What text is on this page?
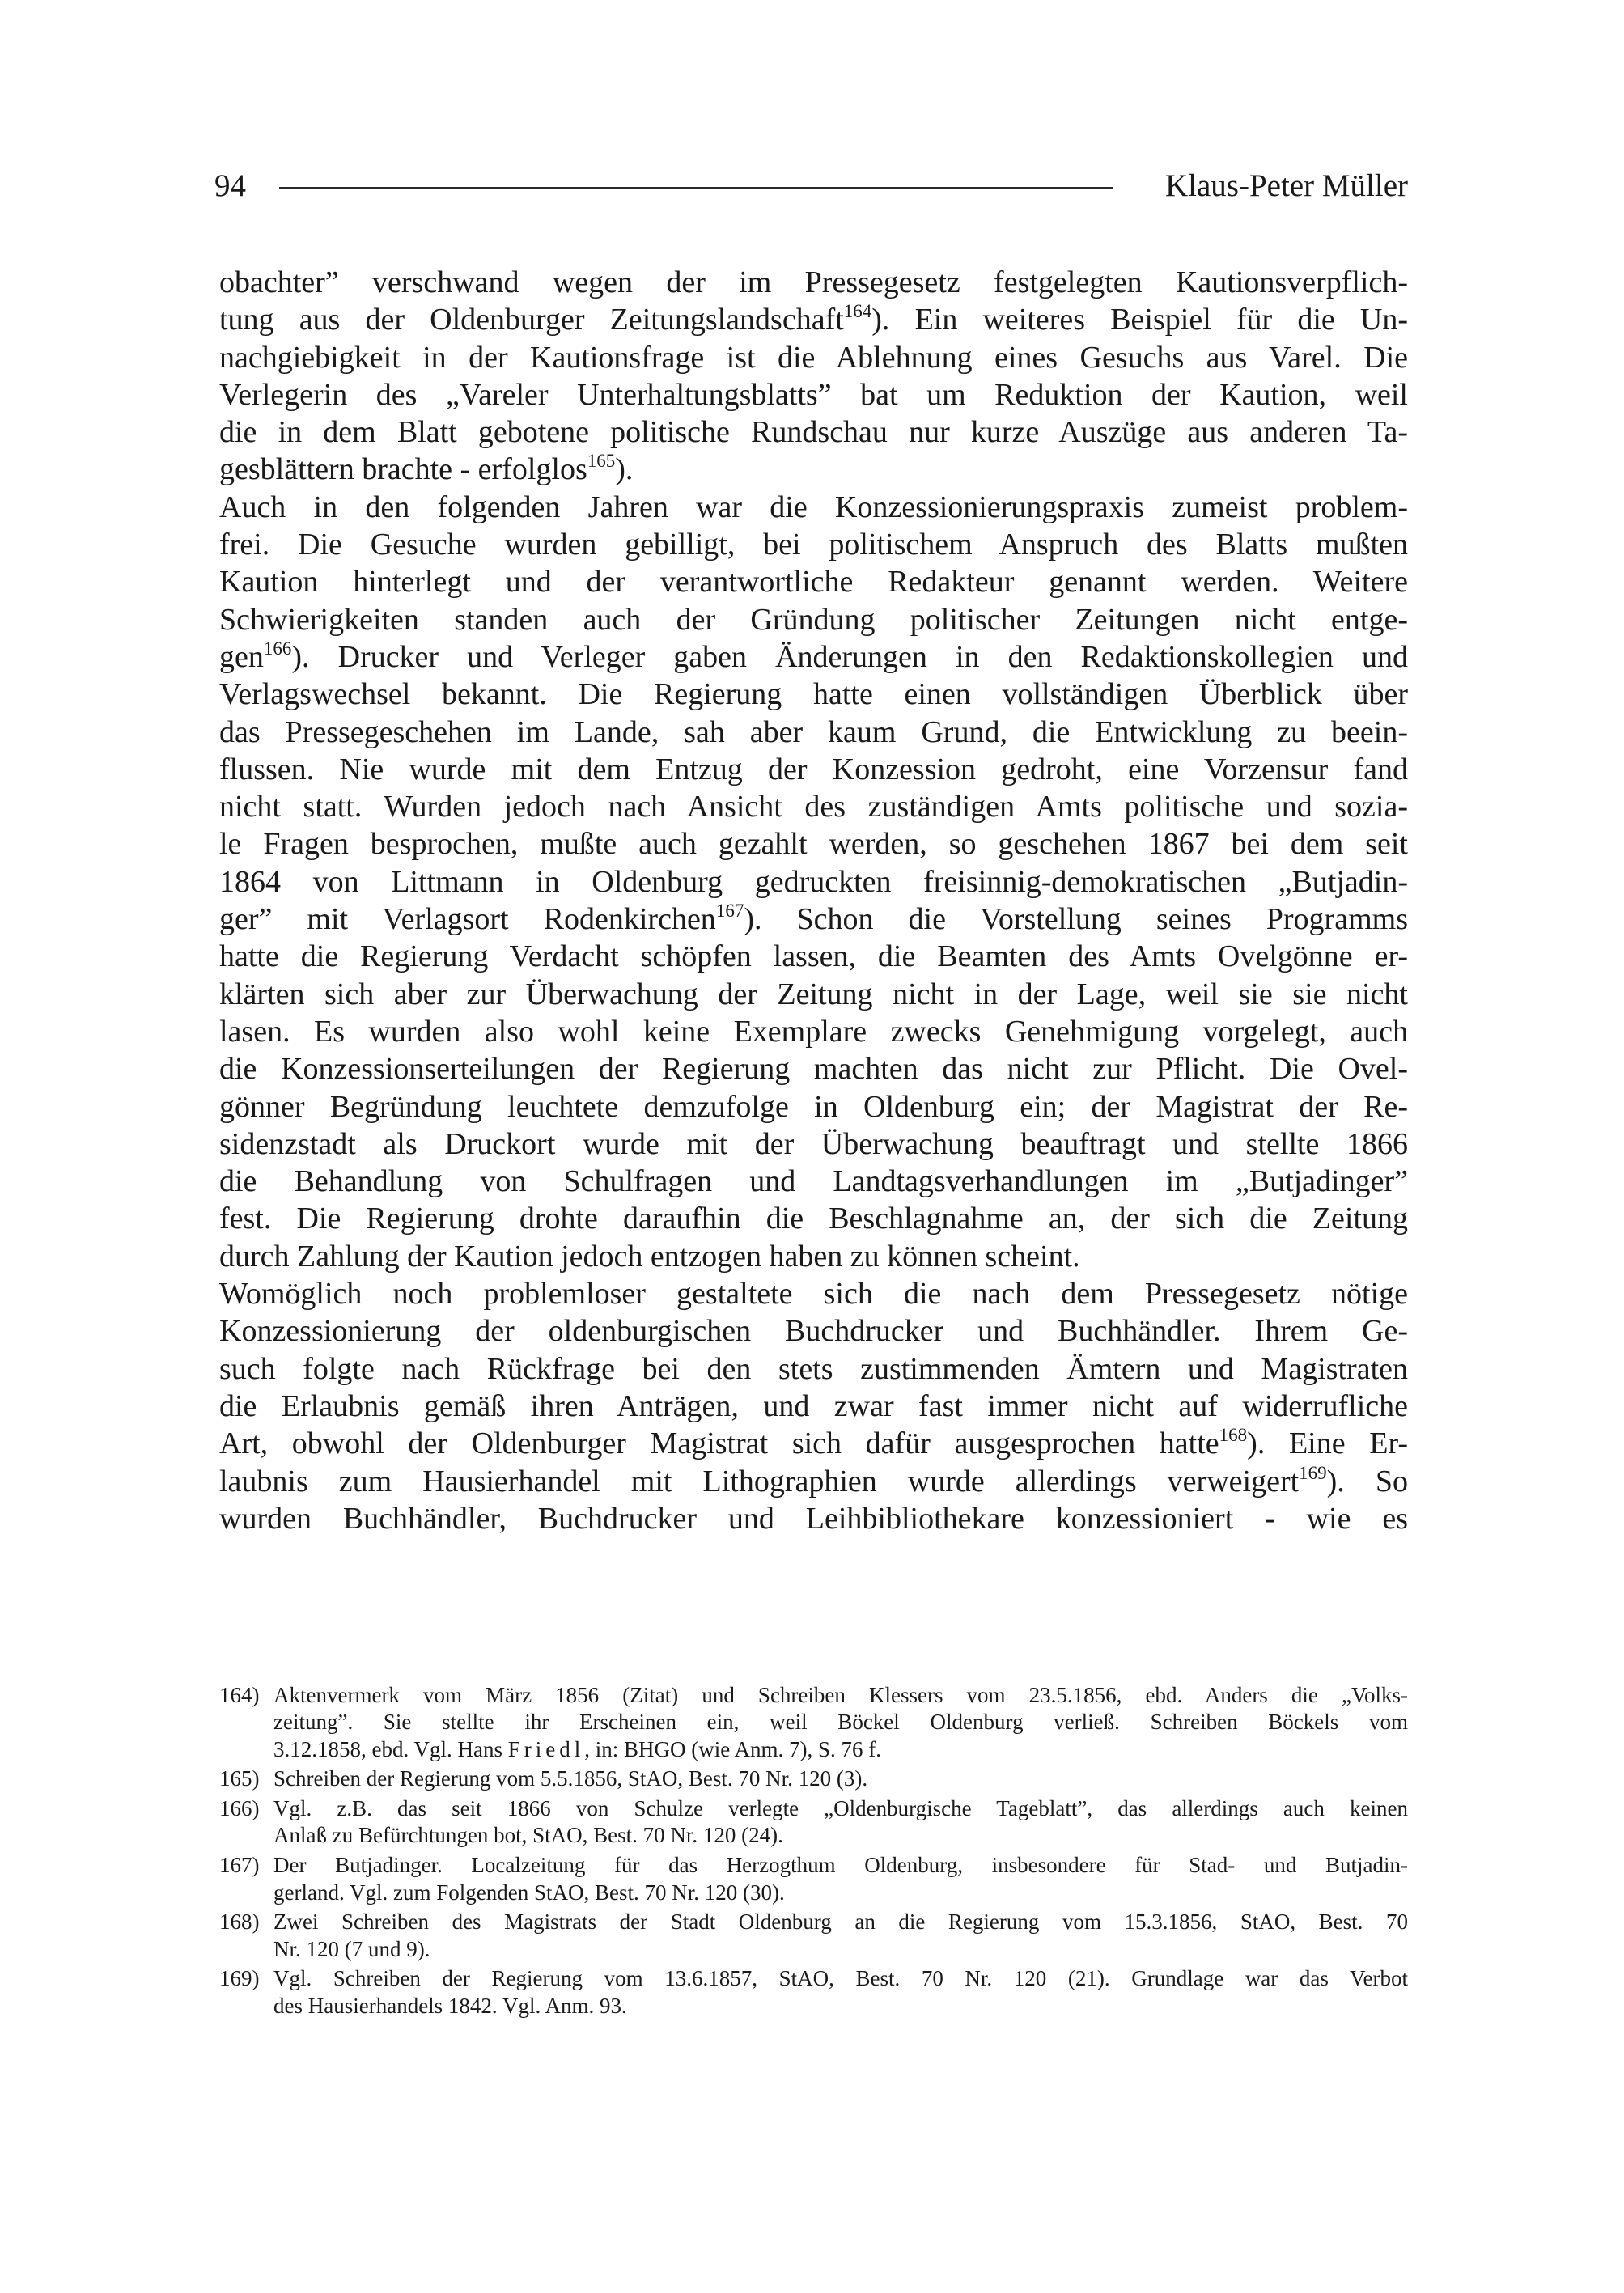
94	Klaus-Peter Müller
obachter” verschwand wegen der im Pressegesetz festgelegten Kautionsverpflich-
tung aus der Oldenburger Zeitungslandschaft$^{164}$). Ein weiteres Beispiel für die Un-
nachgiebigkeit in der Kautionsfrage ist die Ablehnung eines Gesuchs aus Varel. Die
Verlegerin des „Vareler Unterhaltungsblatts” bat um Reduktion der Kaution, weil
die in dem Blatt gebotene politische Rundschau nur kurze Auszüge aus anderen Ta-
gesblättern brachte - erfolglos$^{165}$).
Auch in den folgenden Jahren war die Konzessionierungspraxis zumeist problem-
frei. Die Gesuche wurden gebilligt, bei politischem Anspruch des Blatts mußten
Kaution hinterlegt und der verantwortliche Redakteur genannt werden. Weitere
Schwierigkeiten standen auch der Gründung politischer Zeitungen nicht entge-
gen$^{166}$). Drucker und Verleger gaben Änderungen in den Redaktionskollegien und
Verlagswechsel bekannt. Die Regierung hatte einen vollständigen Überblick über
das Pressegeschehen im Lande, sah aber kaum Grund, die Entwicklung zu beein-
flussen. Nie wurde mit dem Entzug der Konzession gedroht, eine Vorzensur fand
nicht statt. Wurden jedoch nach Ansicht des zuständigen Amts politische und sozia-
le Fragen besprochen, mußte auch gezahlt werden, so geschehen 1867 bei dem seit
1864 von Littmann in Oldenburg gedruckten freisinnig-demokratischen „Butjadin-
ger” mit Verlagsort Rodenkirchen$^{167}$). Schon die Vorstellung seines Programms
hatte die Regierung Verdacht schöpfen lassen, die Beamten des Amts Ovelgönne er-
klärten sich aber zur Überwachung der Zeitung nicht in der Lage, weil sie sie nicht
lasen. Es wurden also wohl keine Exemplare zwecks Genehmigung vorgelegt, auch
die Konzessionserteilungen der Regierung machten das nicht zur Pflicht. Die Ovel-
gönner Begründung leuchtete demzufolge in Oldenburg ein; der Magistrat der Re-
sidenzstadt als Druckort wurde mit der Überwachung beauftragt und stellte 1866
die Behandlung von Schulfragen und Landtagsverhandlungen im „Butjadinger”
fest. Die Regierung drohte daraufhin die Beschlagnahme an, der sich die Zeitung
durch Zahlung der Kaution jedoch entzogen haben zu können scheint.
Womöglich noch problemloser gestaltete sich die nach dem Pressegesetz nötige
Konzessionierung der oldenburgischen Buchdrucker und Buchhändler. Ihrem Ge-
such folgte nach Rückfrage bei den stets zustimmenden Ämtern und Magistraten
die Erlaubnis gemäß ihren Anträgen, und zwar fast immer nicht auf widerrufliche
Art, obwohl der Oldenburger Magistrat sich dafür ausgesprochen hatte$^{168}$). Eine Er-
laubnis zum Hausierhandel mit Lithographien wurde allerdings verweigert$^{169}$). So
wurden Buchhändler, Buchdrucker und Leihbibliothekare konzessioniert - wie es
164) Aktenvermerk vom März 1856 (Zitat) und Schreiben Klessers vom 23.5.1856, ebd. Anders die „Volks-
zeitung”. Sie stellte ihr Erscheinen ein, weil Böckel Oldenburg verließ. Schreiben Böckels vom
3.12.1858, ebd. Vgl. Hans Friedl, in: BHGO (wie Anm. 7), S. 76 f.
165) Schreiben der Regierung vom 5.5.1856, StAO, Best. 70 Nr. 120 (3).
166) Vgl. z.B. das seit 1866 von Schulze verlegte „Oldenburgische Tageblatt”, das allerdings auch keinen
Anlaß zu Befürchtungen bot, StAO, Best. 70 Nr. 120 (24).
167) Der Butjadinger. Localzeitung für das Herzogthum Oldenburg, insbesondere für Stad- und Butjadin-
gerland. Vgl. zum Folgenden StAO, Best. 70 Nr. 120 (30).
168) Zwei Schreiben des Magistrats der Stadt Oldenburg an die Regierung vom 15.3.1856, StAO, Best. 70
Nr. 120 (7 und 9).
169) Vgl. Schreiben der Regierung vom 13.6.1857, StAO, Best. 70 Nr. 120 (21). Grundlage war das Verbot
des Hausierhandels 1842. Vgl. Anm. 93.
